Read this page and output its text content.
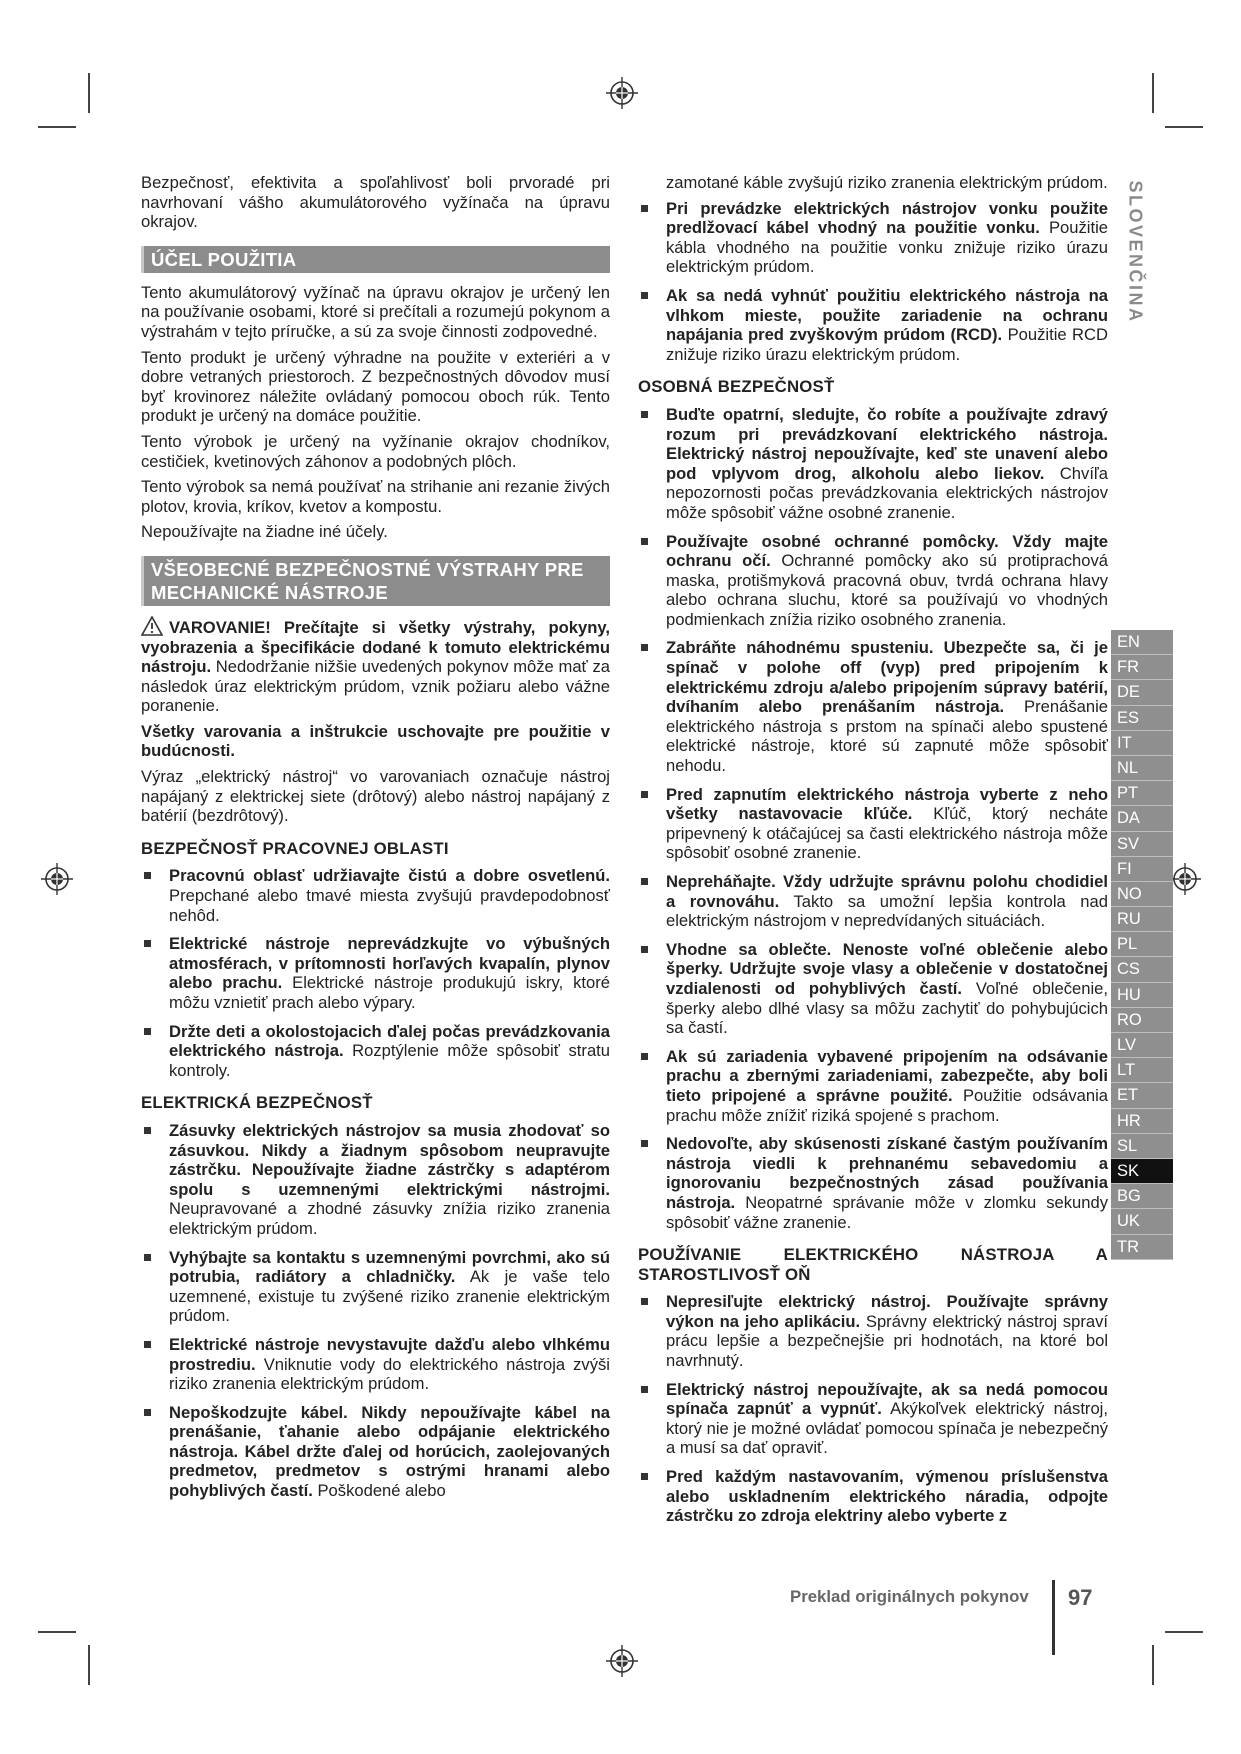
SLOVENČINA
EN
FR
DE
ES
IT
NL
PT
DA
SV
FI
NO
RU
PL
CS
HU
RO
LV
LT
ET
HR
SL
SK
BG
UK
TR

Bezpečnosť, efektivita a spoľahlivosť boli prvoradé pri navrhovaní vášho akumulátorového vyžínača na úpravu okrajov.

ÚČEL POUŽITIA

Tento akumulátorový vyžínač na úpravu okrajov je určený len na používanie osobami, ktoré si prečítali a rozumejú pokynom a výstrahám v tejto príručke, a sú za svoje činnosti zodpovedné.

Tento produkt je určený výhradne na použite v exteriéri a v dobre vetraných priestoroch. Z bezpečnostných dôvodov musí byť krovinorez náležite ovládaný pomocou oboch rúk. Tento produkt je určený na domáce použitie.

Tento výrobok je určený na vyžínanie okrajov chodníkov, cestičiek, kvetinových záhonov a podobných plôch.

Tento výrobok sa nemá používať na strihanie ani rezanie živých plotov, krovia, kríkov, kvetov a kompostu.

Nepoužívajte na žiadne iné účely.

VŠEOBECNÉ BEZPEČNOSTNÉ VÝSTRAHY PRE MECHANICKÉ NÁSTROJE

VAROVANIE! Prečítajte si všetky výstrahy, pokyny, vyobrazenia a špecifikácie dodané k tomuto elektrickému nástroju. Nedodržanie nižšie uvedených pokynov môže mať za následok úraz elektrickým prúdom, vznik požiaru alebo vážne poranenie.

Všetky varovania a inštrukcie uschovajte pre použitie v budúcnosti.

Výraz „elektrický nástroj“ vo varovaniach označuje nástroj napájaný z elektrickej siete (drôtový) alebo nástroj napájaný z batérií (bezdrôtový).

BEZPEČNOSŤ PRACOVNEJ OBLASTI
Pracovnú oblasť udržiavajte čistú a dobre osvetlenú. Prepchané alebo tmavé miesta zvyšujú pravdepodobnosť nehôd.
Elektrické nástroje neprevádzkujte vo výbušných atmosférach, v prítomnosti horľavých kvapalín, plynov alebo prachu. Elektrické nástroje produkujú iskry, ktoré môžu vznietiť prach alebo výpary.
Držte deti a okolostojacich ďalej počas prevádzkovania elektrického nástroja. Rozptýlenie môže spôsobiť stratu kontroly.
ELEKTRICKÁ BEZPEČNOSŤ
Zásuvky elektrických nástrojov sa musia zhodovať so zásuvkou. Nikdy a žiadnym spôsobom neupravujte zástrčku. Nepoužívajte žiadne zástrčky s adaptérom spolu s uzemnenými elektrickými nástrojmi. Neupravované a zhodné zásuvky znížia riziko zranenia elektrickým prúdom.
Vyhýbajte sa kontaktu s uzemnenými povrchmi, ako sú potrubia, radiátory a chladničky. Ak je vaše telo uzemnené, existuje tu zvýšené riziko zranenie elektrickým prúdom.
Elektrické nástroje nevystavujte dažďu alebo vlhkému prostrediu. Vniknutie vody do elektrického nástroja zvýši riziko zranenia elektrickým prúdom.
Nepoškodzujte kábel. Nikdy nepoužívajte kábel na prenášanie, ťahanie alebo odpájanie elektrického nástroja. Kábel držte ďalej od horúcich, zaolejovaných predmetov, predmetov s ostrými hranami alebo pohyblivých častí. Poškodené alebo

zamotané káble zvyšujú riziko zranenia elektrickým prúdom.

Pri prevádzke elektrických nástrojov vonku použite predlžovací kábel vhodný na použitie vonku. Použitie kábla vhodného na použitie vonku znižuje riziko úrazu elektrickým prúdom.
Ak sa nedá vyhnúť použitiu elektrického nástroja na vlhkom mieste, použite zariadenie na ochranu napájania pred zvyškovým prúdom (RCD). Použitie RCD znižuje riziko úrazu elektrickým prúdom.
OSOBNÁ BEZPEČNOSŤ
Buďte opatrní, sledujte, čo robíte a používajte zdravý rozum pri prevádzkovaní elektrického nástroja. Elektrický nástroj nepoužívajte, keď ste unavení alebo pod vplyvom drog, alkoholu alebo liekov. Chvíľa nepozornosti počas prevádzkovania elektrických nástrojov môže spôsobiť vážne osobné zranenie.
Používajte osobné ochranné pomôcky. Vždy majte ochranu očí. Ochranné pomôcky ako sú protiprachová maska, protišmyková pracovná obuv, tvrdá ochrana hlavy alebo ochrana sluchu, ktoré sa používajú vo vhodných podmienkach znížia riziko osobného zranenia.
Zabráňte náhodnému spusteniu. Ubezpečte sa, či je spínač v polohe off (vyp) pred pripojením k elektrickému zdroju a/alebo pripojením súpravy batérií, dvíhaním alebo prenášaním nástroja. Prenášanie elektrického nástroja s prstom na spínači alebo spustené elektrické nástroje, ktoré sú zapnuté môže spôsobiť nehodu.
Pred zapnutím elektrického nástroja vyberte z neho všetky nastavovacie kľúče. Kľúč, ktorý necháte pripevnený k otáčajúcej sa časti elektrického nástroja môže spôsobiť osobné zranenie.
Nepreháňajte. Vždy udržujte správnu polohu chodidiel a rovnováhu. Takto sa umožní lepšia kontrola nad elektrickým nástrojom v nepredvídaných situáciách.
Vhodne sa oblečte. Nenoste voľné oblečenie alebo šperky. Udržujte svoje vlasy a oblečenie v dostatočnej vzdialenosti od pohyblivých častí. Voľné oblečenie, šperky alebo dlhé vlasy sa môžu zachytiť do pohybujúcich sa častí.
Ak sú zariadenia vybavené pripojením na odsávanie prachu a zbernými zariadeniami, zabezpečte, aby boli tieto pripojené a správne použité. Použitie odsávania prachu môže znížiť riziká spojené s prachom.
Nedovoľte, aby skúsenosti získané častým používaním nástroja viedli k prehnanému sebavedomiu a ignorovaniu bezpečnostných zásad používania nástroja. Neopatrné správanie môže v zlomku sekundy spôsobiť vážne zranenie.
POUŽÍVANIE ELEKTRICKÉHO NÁSTROJA A STAROSTLIVOSŤ OŇ
Nepresiľujte elektrický nástroj. Používajte správny výkon na jeho aplikáciu. Správny elektrický nástroj spraví prácu lepšie a bezpečnejšie pri hodnotách, na ktoré bol navrhnutý.
Elektrický nástroj nepoužívajte, ak sa nedá pomocou spínača zapnúť a vypnúť. Akýkoľvek elektrický nástroj, ktorý nie je možné ovládať pomocou spínača je nebezpečný a musí sa dať opraviť.
Pred každým nastavovaním, výmenou príslušenstva alebo uskladnením elektrického náradia, odpojte zástrčku zo zdroja elektriny alebo vyberte z
Preklad originálnych pokynov 97
